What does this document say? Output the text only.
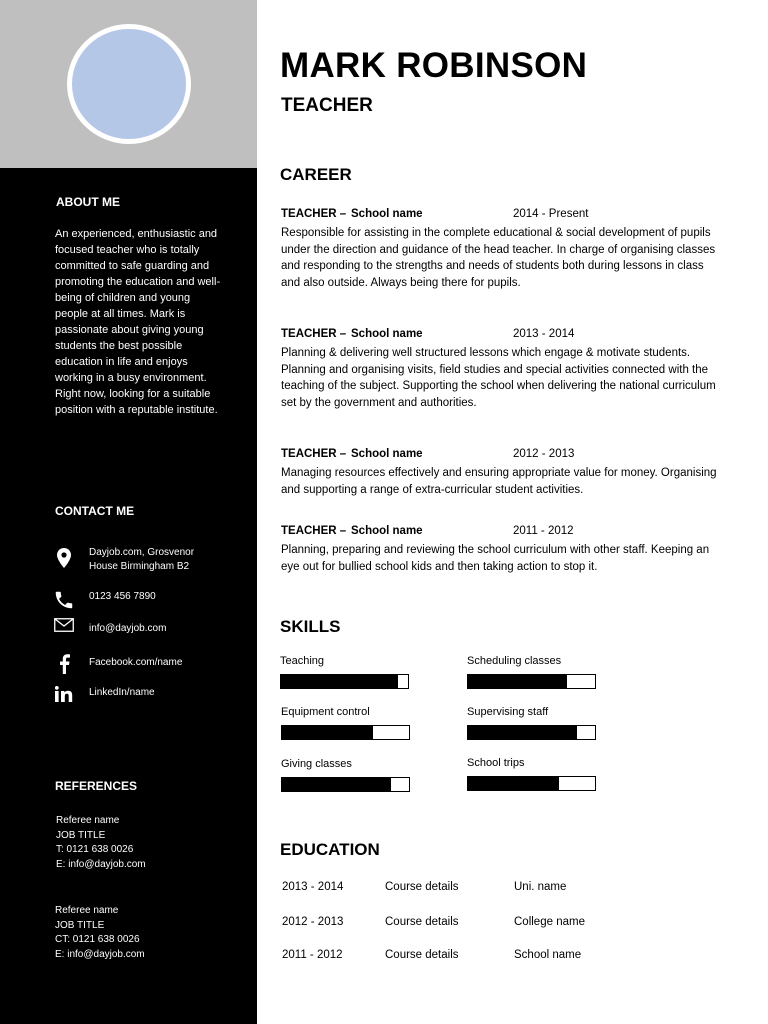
ABOUT ME
An experienced, enthusiastic and focused teacher who is totally committed to safe guarding and promoting the education and well-being of children and young people at all times. Mark is passionate about giving young students the best possible education in life and enjoys working in a busy environment. Right now, looking for a suitable position with a reputable institute.
CONTACT ME
Dayjob.com, Grosvenor
House Birmingham B2
0123 456 7890
info@dayjob.com
Facebook.com/name
LinkedIn/name
REFERENCES
Referee name
JOB TITLE
T: 0121 638 0026
E: info@dayjob.com
Referee name
JOB TITLE
CT: 0121 638 0026
E: info@dayjob.com
MARK ROBINSON
TEACHER
CAREER
TEACHER – School name	2014 - Present
Responsible for assisting in the complete educational & social development of pupils under the direction and guidance of the head teacher. In charge of organising classes and responding to the strengths and needs of students both during lessons in class and also outside. Always being there for pupils.
TEACHER – School name	2013 - 2014
Planning & delivering well structured lessons which engage & motivate students. Planning and organising visits, field studies and special activities connected with the teaching of the subject. Supporting the school when delivering the national curriculum set by the government and authorities.
TEACHER – School name	2012 - 2013
Managing resources effectively and ensuring appropriate value for money. Organising and supporting a range of extra-curricular student activities.
TEACHER – School name	2011 - 2012
Planning, preparing and reviewing the school curriculum with other staff. Keeping an eye out for bullied school kids and then taking action to stop it.
SKILLS
Teaching	Scheduling classes
Equipment control	Supervising staff
Giving classes	School trips
EDUCATION
2013 - 2014	Course details	Uni. name
2012 - 2013	Course details	College name
2011 - 2012	Course details	School name
